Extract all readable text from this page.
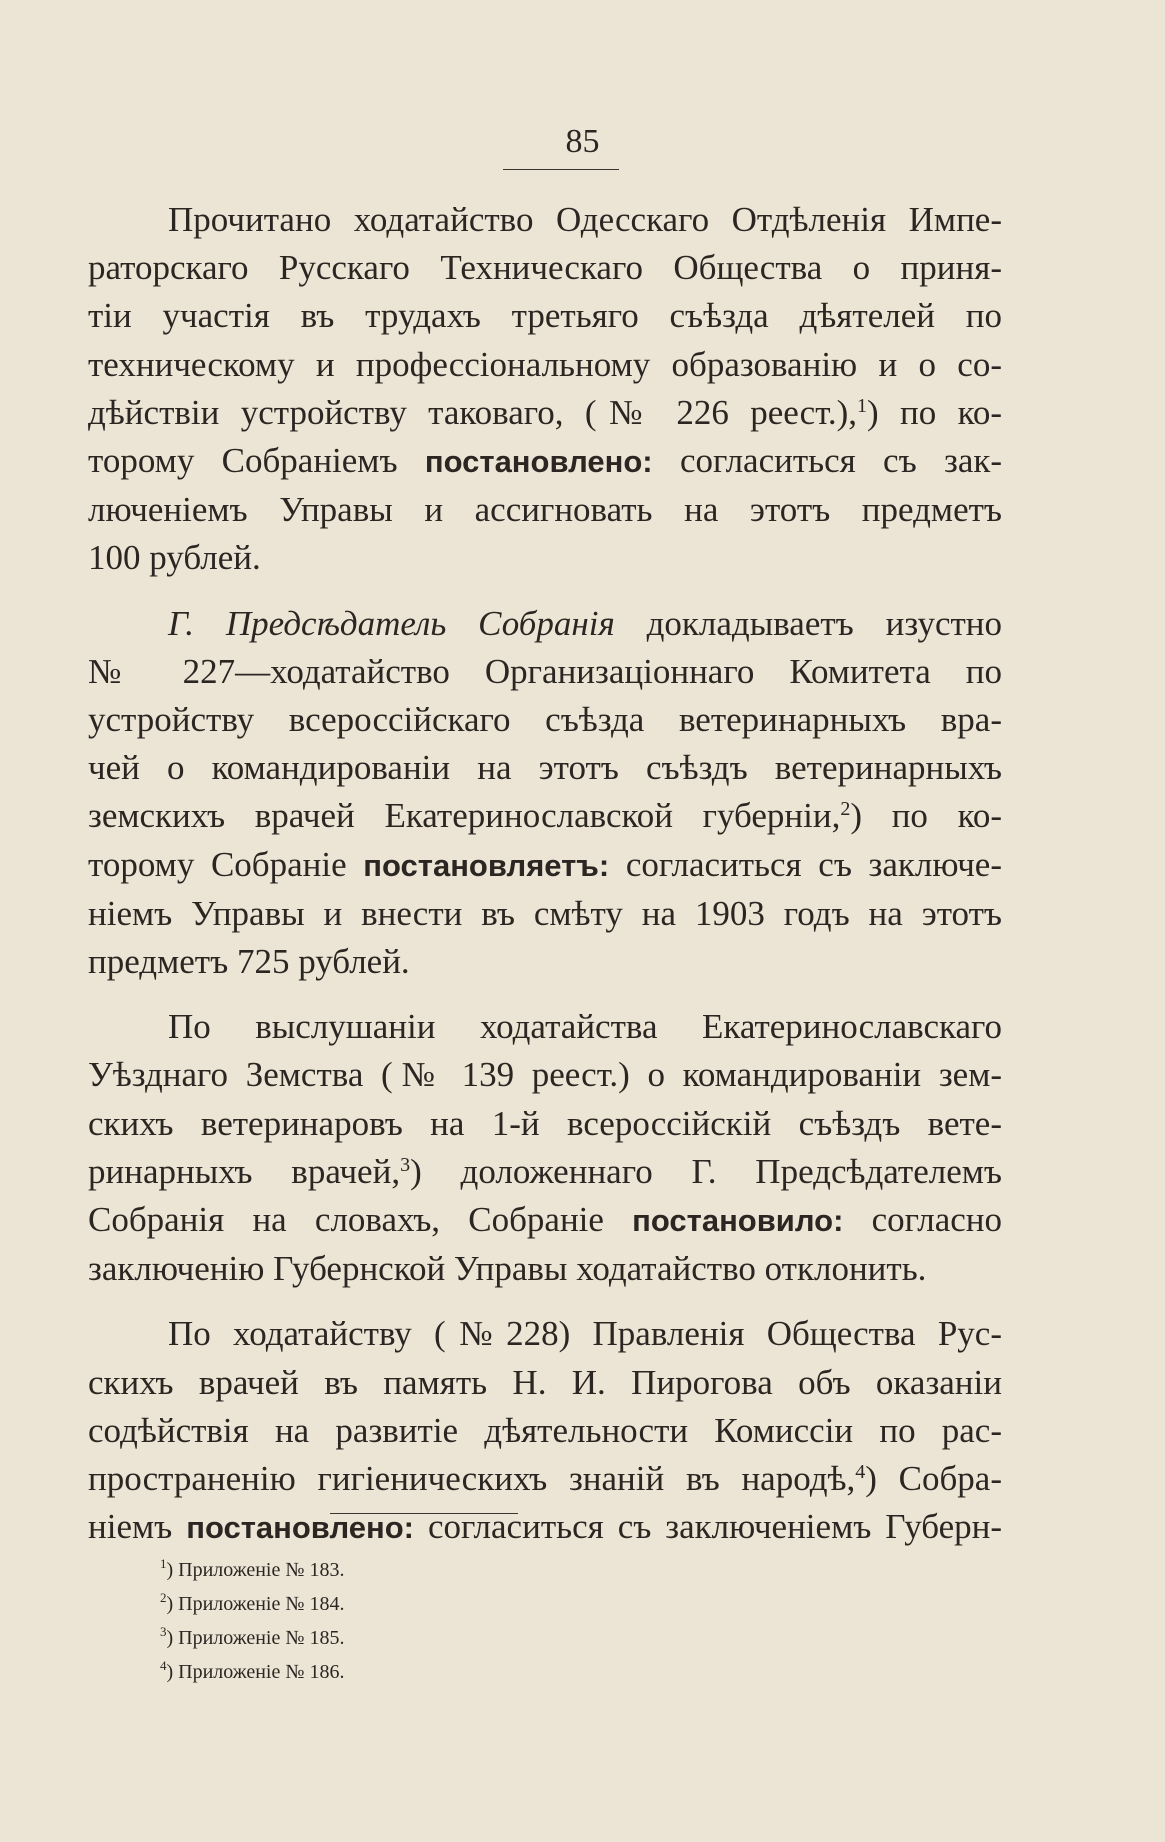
85

Прочитано ходатайство Одесскаго Отдѣленія Импе-
раторскаго Русскаго Техническаго Общества о приня-
тіи участія въ трудахъ третьяго съѣзда дѣятелей по
техническому и профессіональному образованію и о со-
дѣйствіи устройству таковаго, (№ 226 реест.),$^1$) по ко-
торому Собраніемъ постановлено: согласиться съ зак-
люченіемъ Управы и ассигновать на этотъ предметъ
100 рублей.

Г. Предсѣдатель Собранія докладываетъ изустно
№ 227—ходатайство Организаціоннаго Комитета по
устройству всероссійскаго съѣзда ветеринарныхъ вра-
чей о командированіи на этотъ съѣздъ ветеринарныхъ
земскихъ врачей Екатеринославской губерніи,$^2$) по ко-
торому Собраніе постановляетъ: согласиться съ заключе-
ніемъ Управы и внести въ смѣту на 1903 годъ на этотъ
предметъ 725 рублей.

По выслушаніи ходатайства Екатеринославскаго
Уѣзднаго Земства (№ 139 реест.) о командированіи зем-
скихъ ветеринаровъ на 1-й всероссійскій съѣздъ вете-
ринарныхъ врачей,$^3$) доложеннаго Г. Предсѣдателемъ
Собранія на словахъ, Собраніе постановило: согласно
заключенію Губернской Управы ходатайство отклонить.

По ходатайству (№228) Правленія Общества Рус-
скихъ врачей въ память Н. И. Пирогова объ оказаніи
содѣйствія на развитіе дѣятельности Комиссіи по рас-
пространенію гигіеническихъ знаній въ народѣ,$^4$) Собра-
ніемъ постановлено: согласиться съ заключеніемъ Губерн-

$^1$) Приложеніе № 183.
$^2$) Приложеніе № 184.
$^3$) Приложеніе № 185.
$^4$) Приложеніе № 186.
